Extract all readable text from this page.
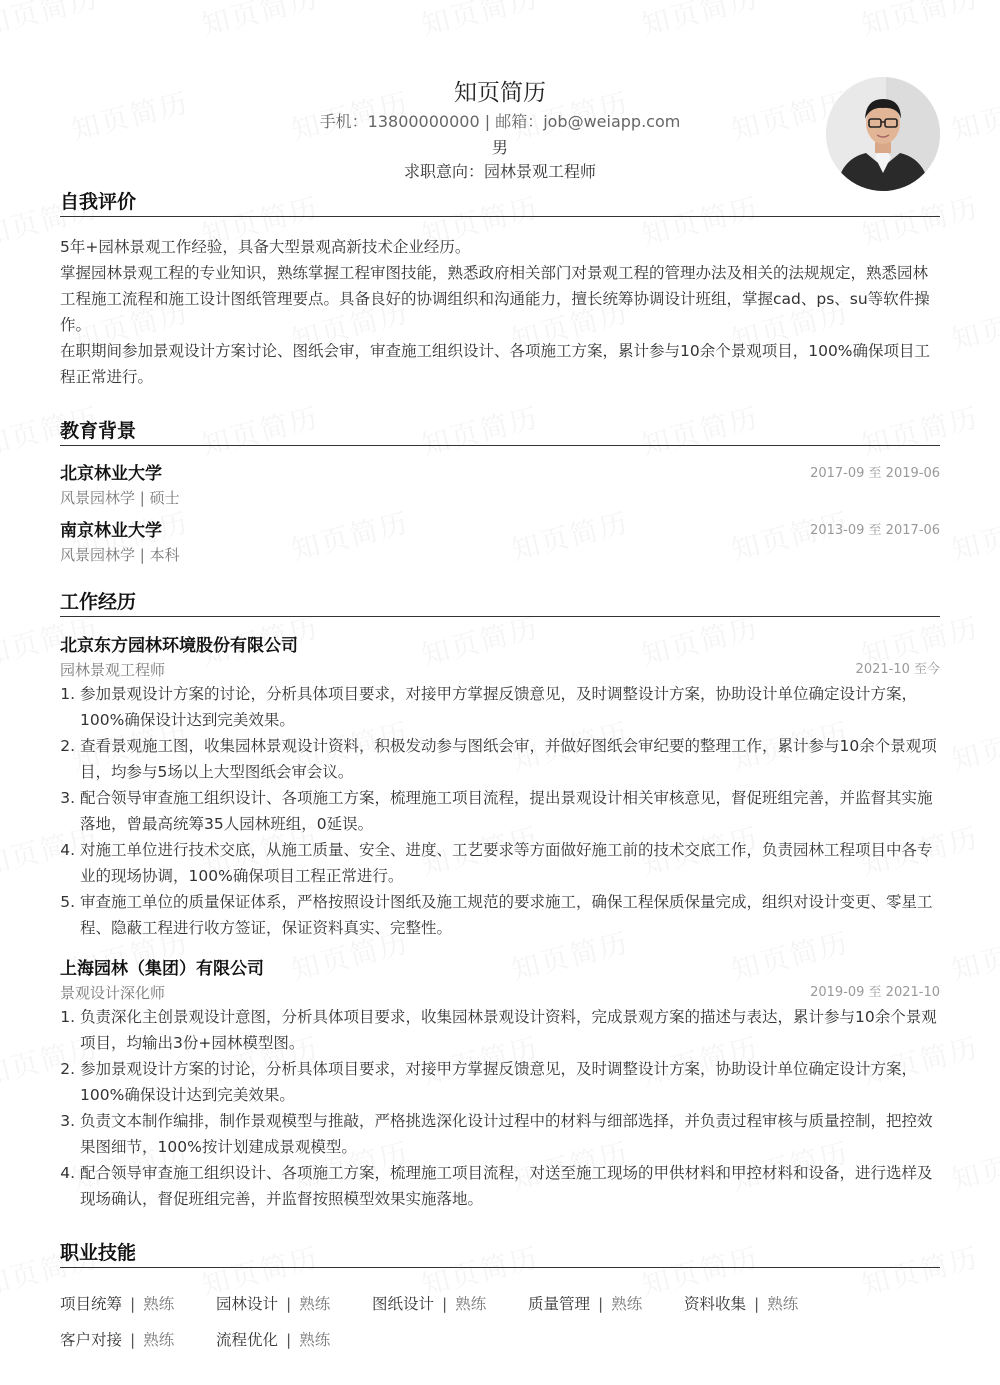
知页简历
手机：13800000000 | 邮箱：job@weiapp.com
男
求职意向：园林景观工程师
自我评价

5年+园林景观工作经验，具备大型景观高新技术企业经历。

掌握园林景观工程的专业知识，熟练掌握工程审图技能，熟悉政府相关部门对景观工程的管理办法及相关的法规规定，熟悉园林工程施工流程和施工设计图纸管理要点。具备良好的协调组织和沟通能力，擅长统筹协调设计班组，掌握cad、ps、su等软件操作。

在职期间参加景观设计方案讨论、图纸会审，审查施工组织设计、各项施工方案，累计参与10余个景观项目，100%确保项目工程正常进行。

教育背景
北京林业大学	2017-09 至 2019-06
风景园林学 | 硕士
南京林业大学	2013-09 至 2017-06
风景园林学 | 本科
工作经历
北京东方园林环境股份有限公司
园林景观工程师	2021-10 至今
1. 参加景观设计方案的讨论，分析具体项目要求，对接甲方掌握反馈意见，及时调整设计方案，协助设计单位确定设计方案，100%确保设计达到完美效果。
2. 查看景观施工图，收集园林景观设计资料，积极发动参与图纸会审，并做好图纸会审纪要的整理工作，累计参与10余个景观项目，均参与5场以上大型图纸会审会议。
3. 配合领导审查施工组织设计、各项施工方案，梳理施工项目流程，提出景观设计相关审核意见，督促班组完善，并监督其实施落地，曾最高统筹35人园林班组，0延误。
4. 对施工单位进行技术交底，从施工质量、安全、进度、工艺要求等方面做好施工前的技术交底工作，负责园林工程项目中各专业的现场协调，100%确保项目工程正常进行。
5. 审查施工单位的质量保证体系，严格按照设计图纸及施工规范的要求施工，确保工程保质保量完成，组织对设计变更、零星工程、隐蔽工程进行收方签证，保证资料真实、完整性。
上海园林（集团）有限公司
景观设计深化师	2019-09 至 2021-10
1. 负责深化主创景观设计意图，分析具体项目要求，收集园林景观设计资料，完成景观方案的描述与表达，累计参与10余个景观项目，均输出3份+园林模型图。
2. 参加景观设计方案的讨论，分析具体项目要求，对接甲方掌握反馈意见，及时调整设计方案，协助设计单位确定设计方案，100%确保设计达到完美效果。
3. 负责文本制作编排，制作景观模型与推敲，严格挑选深化设计过程中的材料与细部选择，并负责过程审核与质量控制，把控效果图细节，100%按计划建成景观模型。
4. 配合领导审查施工组织设计、各项施工方案，梳理施工项目流程，对送至施工现场的甲供材料和甲控材料和设备，进行选样及现场确认，督促班组完善，并监督按照模型效果实施落地。
职业技能
项目统筹 | 熟练	园林设计 | 熟练	图纸设计 | 熟练	质量管理 | 熟练	资料收集 | 熟练
客户对接 | 熟练	流程优化 | 熟练
